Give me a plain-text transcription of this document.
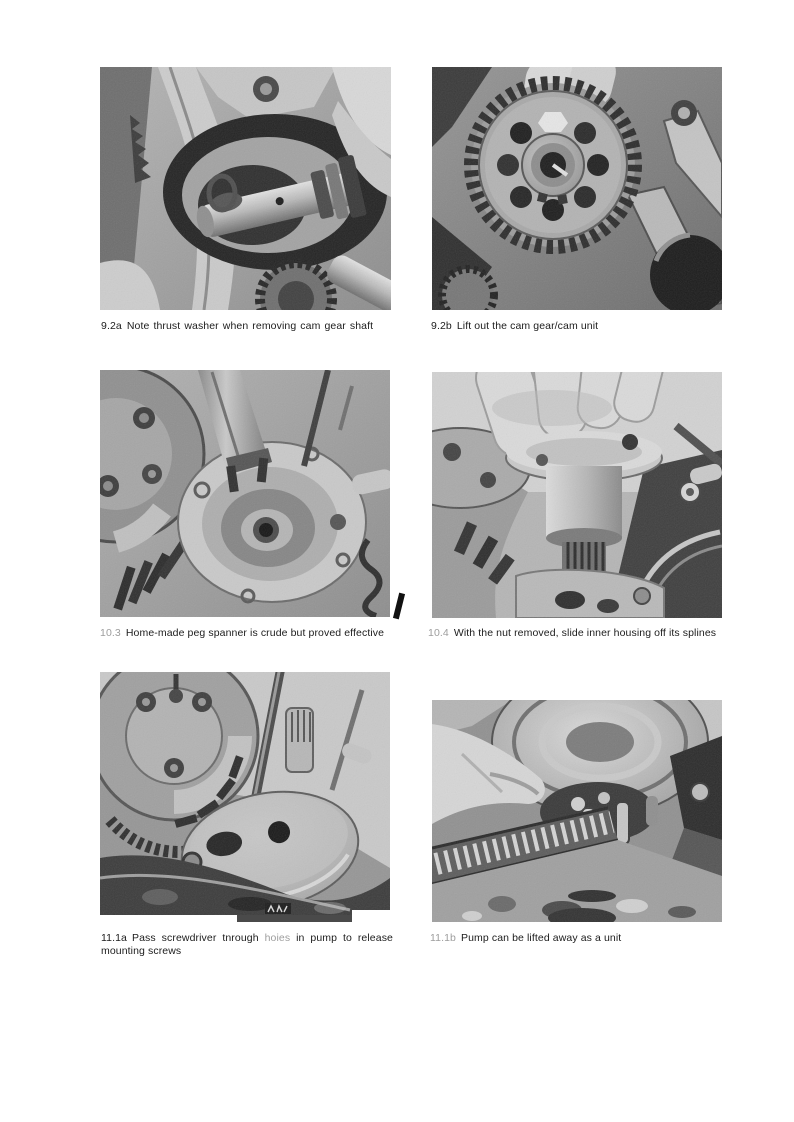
9.2a Note thrust washer when removing cam gear shaft	9.2b Lift out the cam gear/cam unit

10.3 Home-made peg spanner is crude but proved effective	10.4 With the nut removed, slide inner housing off its splines

11.1a Pass screwdriver tnrough hoies in pump to release mounting screws

11.1b Pump can be lifted away as a unit
